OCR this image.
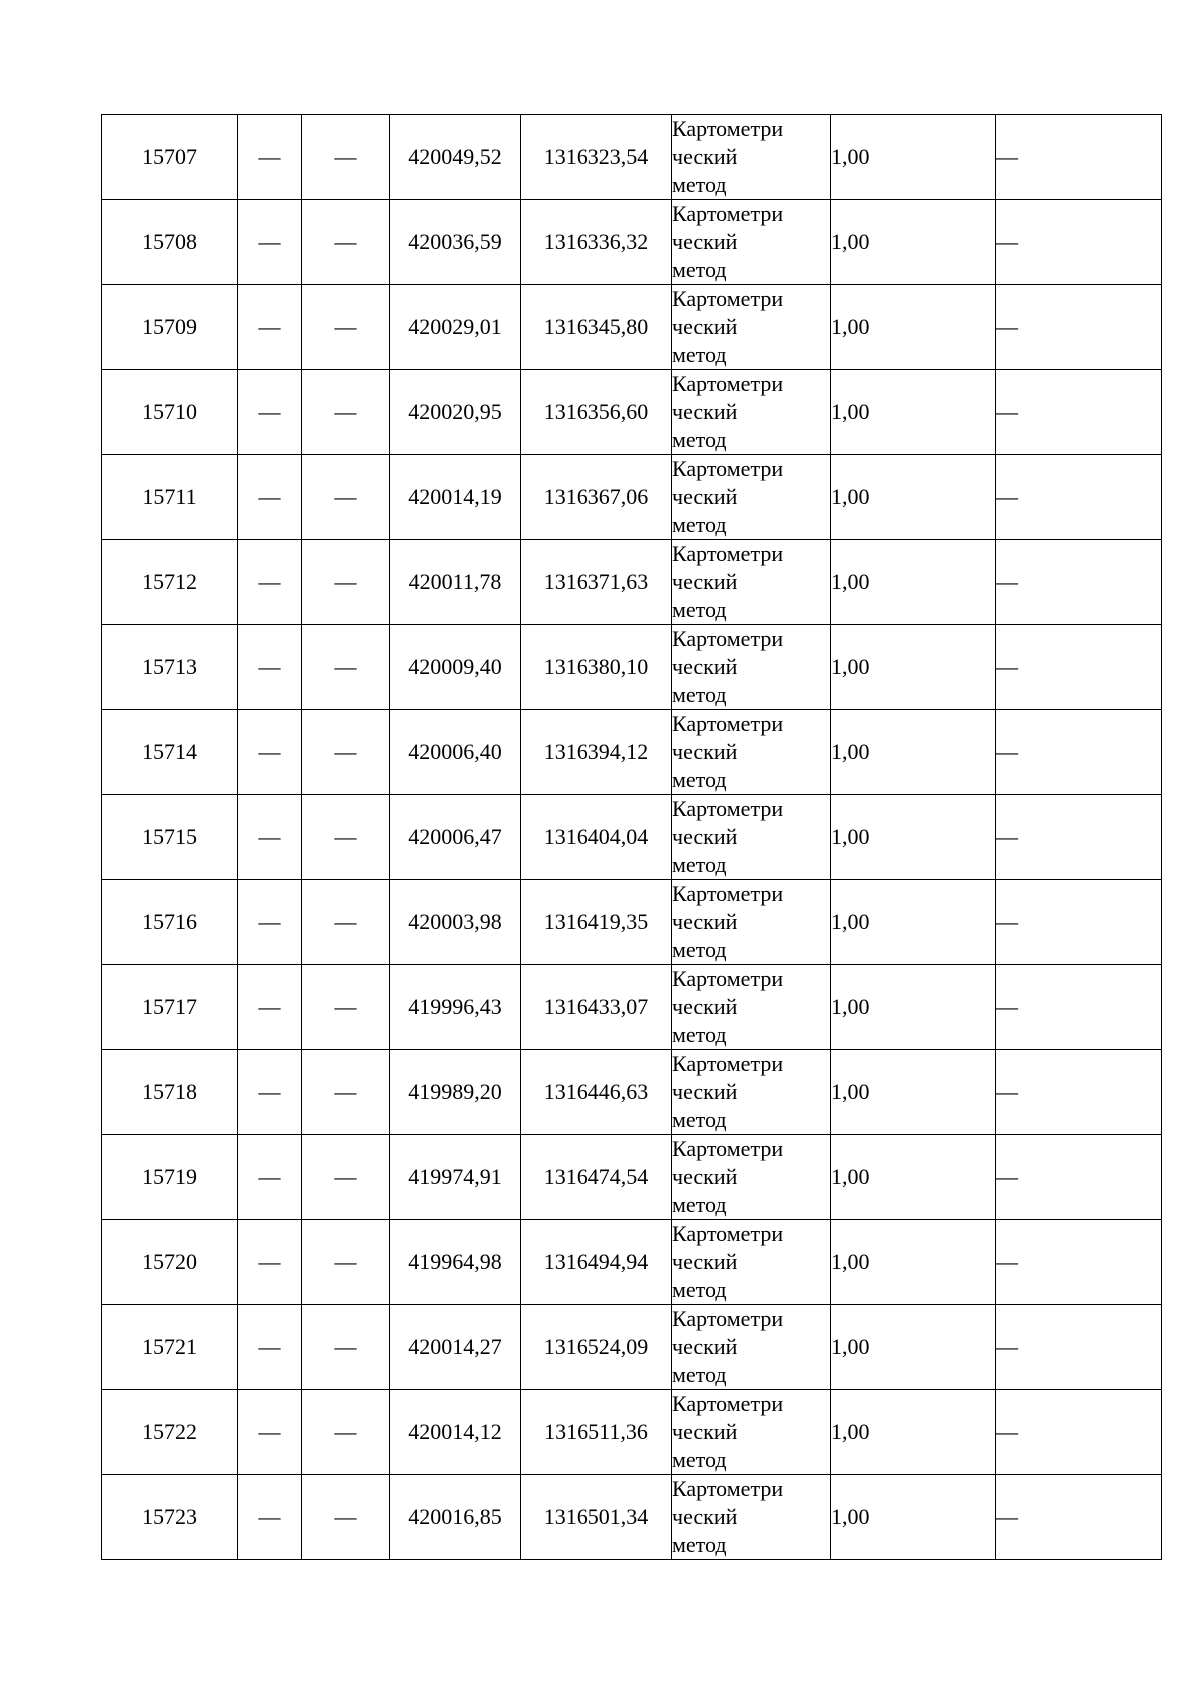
15707	—	—	420049,52	1316323,54	Картометри
ческий
метод	1,00	—
15708	—	—	420036,59	1316336,32	Картометри
ческий
метод	1,00	—
15709	—	—	420029,01	1316345,80	Картометри
ческий
метод	1,00	—
15710	—	—	420020,95	1316356,60	Картометри
ческий
метод	1,00	—
15711	—	—	420014,19	1316367,06	Картометри
ческий
метод	1,00	—
15712	—	—	420011,78	1316371,63	Картометри
ческий
метод	1,00	—
15713	—	—	420009,40	1316380,10	Картометри
ческий
метод	1,00	—
15714	—	—	420006,40	1316394,12	Картометри
ческий
метод	1,00	—
15715	—	—	420006,47	1316404,04	Картометри
ческий
метод	1,00	—
15716	—	—	420003,98	1316419,35	Картометри
ческий
метод	1,00	—
15717	—	—	419996,43	1316433,07	Картометри
ческий
метод	1,00	—
15718	—	—	419989,20	1316446,63	Картометри
ческий
метод	1,00	—
15719	—	—	419974,91	1316474,54	Картометри
ческий
метод	1,00	—
15720	—	—	419964,98	1316494,94	Картометри
ческий
метод	1,00	—
15721	—	—	420014,27	1316524,09	Картометри
ческий
метод	1,00	—
15722	—	—	420014,12	1316511,36	Картометри
ческий
метод	1,00	—
15723	—	—	420016,85	1316501,34	Картометри
ческий
метод	1,00	—
